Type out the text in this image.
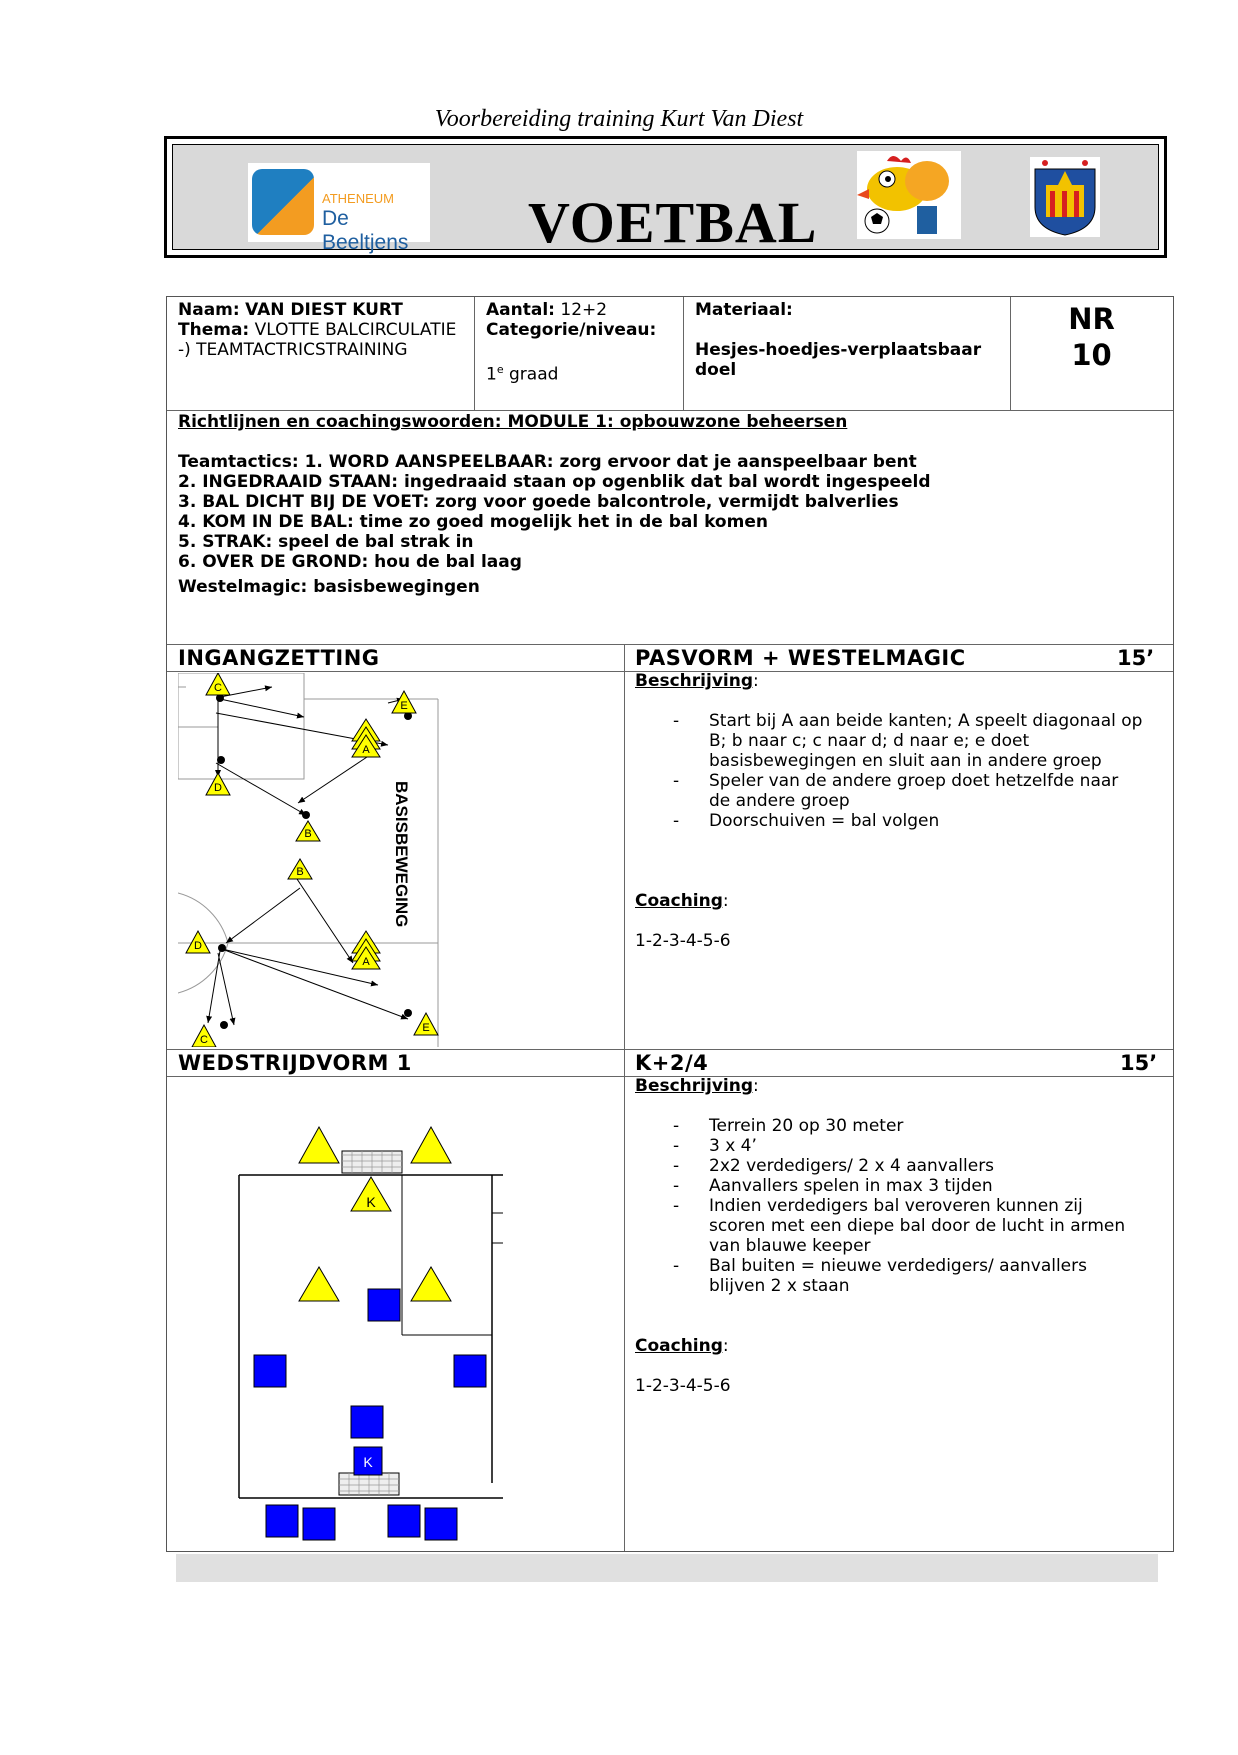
Voorbereiding training Kurt Van Diest
ATHENEUM
De Beeltjens	VOETBAL
Naam: VAN DIEST KURT
Thema: VLOTTE BALCIRCULATIE
-) TEAMTACTRICSTRAINING
Aantal: 12+2
Categorie/niveau:
1e graad
Materiaal:
Hesjes-hoedjes-verplaatsbaar doel
NR
10
Richtlijnen en coachingswoorden: MODULE 1: opbouwzone beheersen
Teamtactics: 1. WORD AANSPEELBAAR: zorg ervoor dat je aanspeelbaar bent
2. INGEDRAAID STAAN: ingedraaid staan op ogenblik dat bal wordt ingespeeld
3. BAL DICHT BIJ DE VOET: zorg voor goede balcontrole, vermijdt balverlies
4. KOM IN DE BAL: time zo goed mogelijk het in de bal komen
5. STRAK: speel de bal strak in
6. OVER DE GROND: hou de bal laag
Westelmagic: basisbewegingen
INGANGZETTING	PASVORM + WESTELMAGIC	15’
C
E
A
D
B
B
A
D
C
E
BASISBEWEGING
Beschrijving:
- Start bij A aan beide kanten; A speelt diagonaal op B; b naar c; c naar d; d naar e; e doet basisbewegingen en sluit aan in andere groep
- Speler van de andere groep doet hetzelfde naar de andere groep
- Doorschuiven = bal volgen
Coaching:
1-2-3-4-5-6
WEDSTRIJDVORM 1	K+2/4	15’
K
K
Beschrijving:
- Terrein 20 op 30 meter
- 3 x 4’
- 2x2 verdedigers/ 2 x 4 aanvallers
- Aanvallers spelen in max 3 tijden
- Indien verdedigers bal veroveren kunnen zij scoren met een diepe bal door de lucht in armen van blauwe keeper
- Bal buiten = nieuwe verdedigers/ aanvallers blijven 2 x staan
Coaching:
1-2-3-4-5-6
